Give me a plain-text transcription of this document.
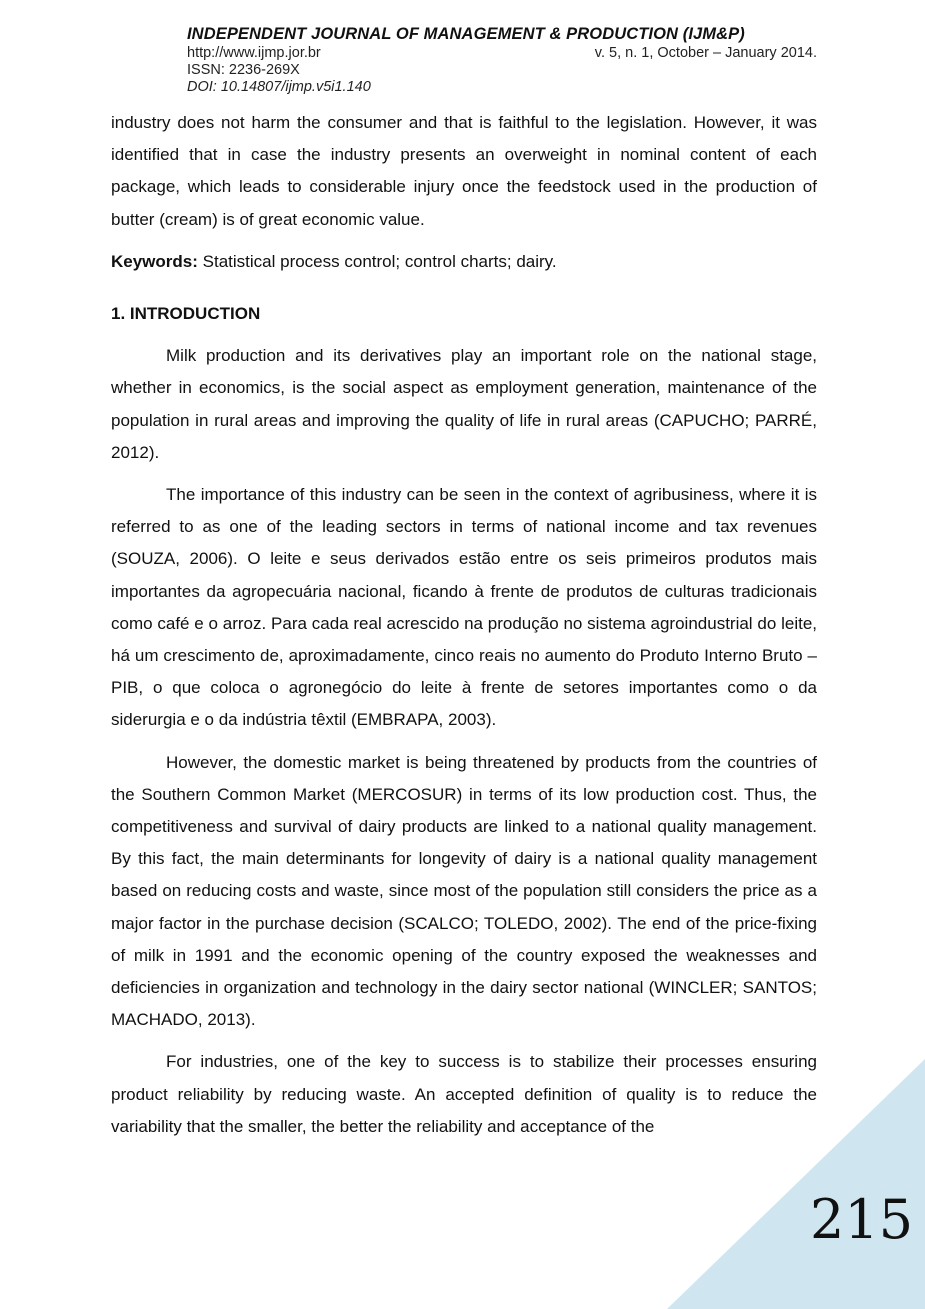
INDEPENDENT JOURNAL OF MANAGEMENT & PRODUCTION (IJM&P)
http://www.ijmp.jor.br	v. 5, n. 1, October – January 2014.
ISSN: 2236-269X
DOI: 10.14807/ijmp.v5i1.140

industry does not harm the consumer and that is faithful to the legislation. However, it was identified that in case the industry presents an overweight in nominal content of each package, which leads to considerable injury once the feedstock used in the production of butter (cream) is of great economic value.

Keywords: Statistical process control; control charts; dairy.

1. INTRODUCTION

Milk production and its derivatives play an important role on the national stage, whether in economics, is the social aspect as employment generation, maintenance of the population in rural areas and improving the quality of life in rural areas (CAPUCHO; PARRÉ, 2012).

The importance of this industry can be seen in the context of agribusiness, where it is referred to as one of the leading sectors in terms of national income and tax revenues (SOUZA, 2006). O leite e seus derivados estão entre os seis primeiros produtos mais importantes da agropecuária nacional, ficando à frente de produtos de culturas tradicionais como café e o arroz. Para cada real acrescido na produção no sistema agroindustrial do leite, há um crescimento de, aproximadamente, cinco reais no aumento do Produto Interno Bruto – PIB, o que coloca o agronegócio do leite à frente de setores importantes como o da siderurgia e o da indústria têxtil (EMBRAPA, 2003).

However, the domestic market is being threatened by products from the countries of the Southern Common Market (MERCOSUR) in terms of its low production cost. Thus, the competitiveness and survival of dairy products are linked to a national quality management. By this fact, the main determinants for longevity of dairy is a national quality management based on reducing costs and waste, since most of the population still considers the price as a major factor in the purchase decision (SCALCO; TOLEDO, 2002). The end of the price-fixing of milk in 1991 and the economic opening of the country exposed the weaknesses and deficiencies in organization and technology in the dairy sector national (WINCLER; SANTOS; MACHADO, 2013).

For industries, one of the key to success is to stabilize their processes ensuring product reliability by reducing waste. An accepted definition of quality is to reduce the variability that the smaller, the better the reliability and acceptance of the

215
